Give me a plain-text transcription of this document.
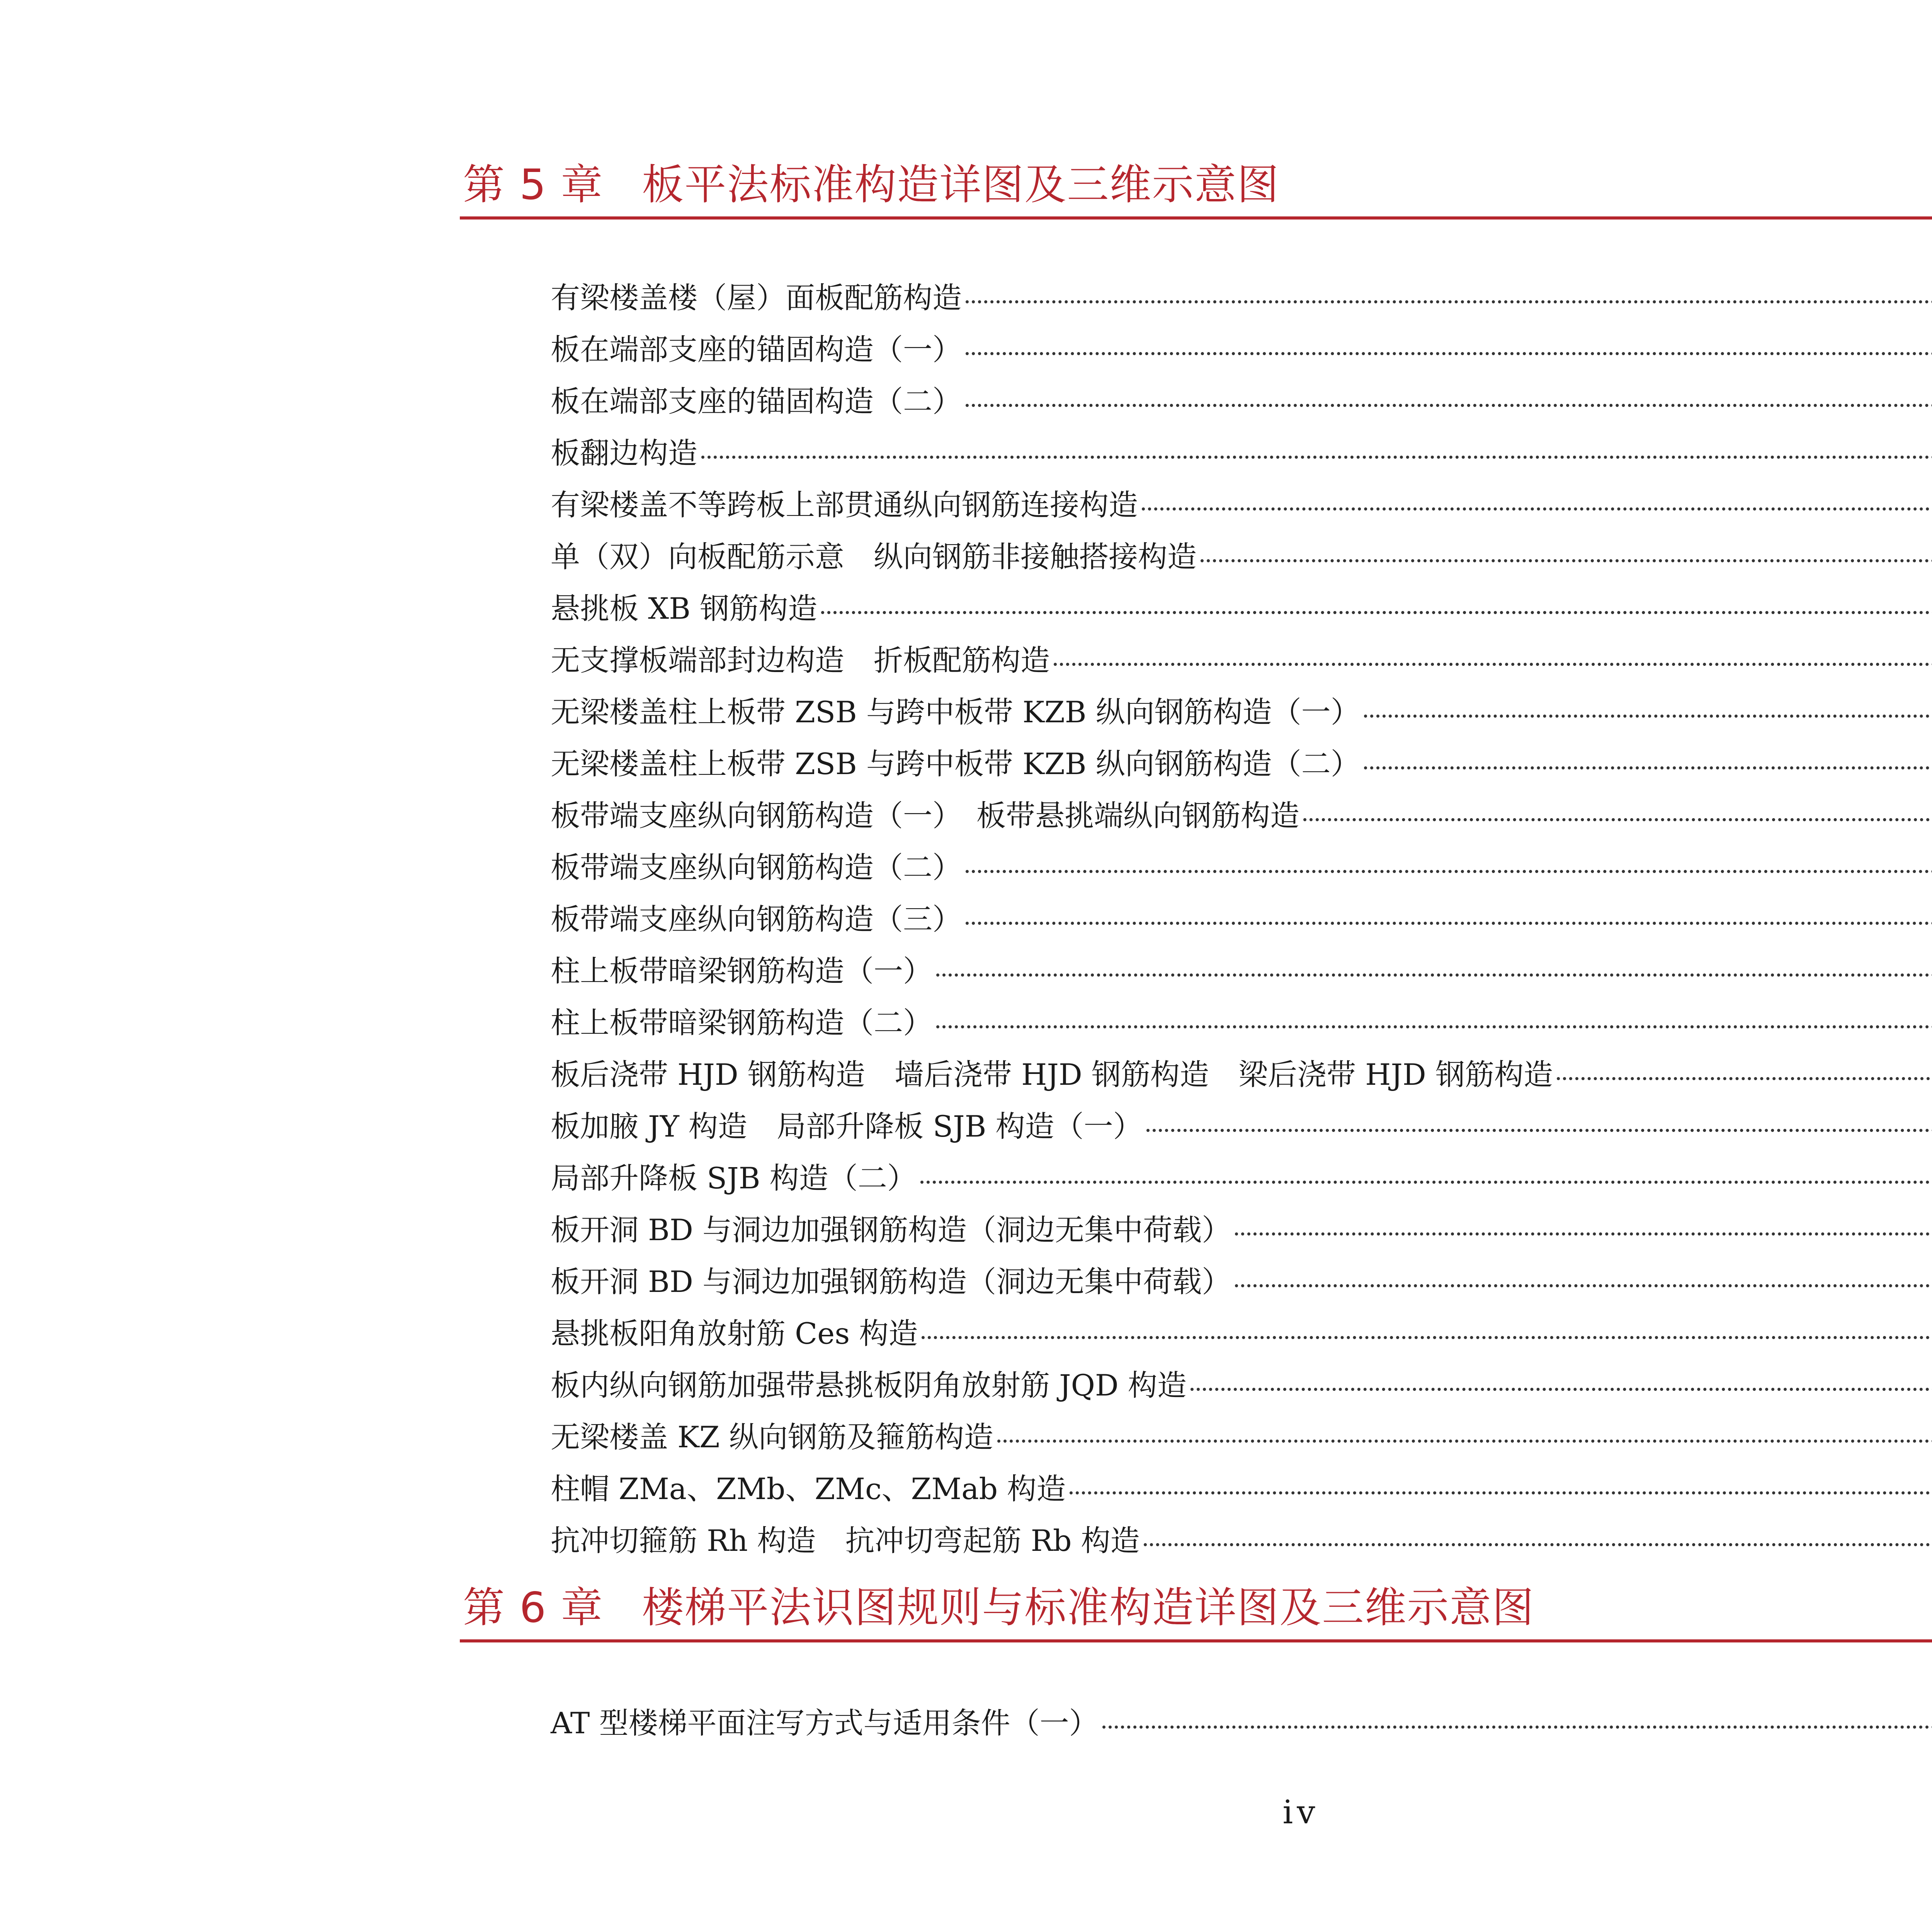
第 5 章 板平法标准构造详图及三维示意图
有梁楼盖楼（屋）面板配筋构造
板在端部支座的锚固构造（一）
板在端部支座的锚固构造（二）
板翻边构造
有梁楼盖不等跨板上部贯通纵向钢筋连接构造
单（双）向板配筋示意　纵向钢筋非接触搭接构造
悬挑板 XB 钢筋构造
无支撑板端部封边构造　折板配筋构造
无梁楼盖柱上板带 ZSB 与跨中板带 KZB 纵向钢筋构造（一）
无梁楼盖柱上板带 ZSB 与跨中板带 KZB 纵向钢筋构造（二）
板带端支座纵向钢筋构造（一）　板带悬挑端纵向钢筋构造
板带端支座纵向钢筋构造（二）
板带端支座纵向钢筋构造（三）
柱上板带暗梁钢筋构造（一）
柱上板带暗梁钢筋构造（二）
板后浇带 HJD 钢筋构造　墙后浇带 HJD 钢筋构造　梁后浇带 HJD 钢筋构造
板加腋 JY 构造　局部升降板 SJB 构造（一）
局部升降板 SJB 构造（二）
板开洞 BD 与洞边加强钢筋构造（洞边无集中荷载）
板开洞 BD 与洞边加强钢筋构造（洞边无集中荷载）
悬挑板阳角放射筋 Ces 构造
板内纵向钢筋加强带悬挑板阴角放射筋 JQD 构造
无梁楼盖 KZ 纵向钢筋及箍筋构造
柱帽 ZMa、ZMb、ZMc、ZMab 构造
抗冲切箍筋 Rh 构造　抗冲切弯起筋 Rb 构造
第 6 章 楼梯平法识图规则与标准构造详图及三维示意图
AT 型楼梯平面注写方式与适用条件（一）
iv
